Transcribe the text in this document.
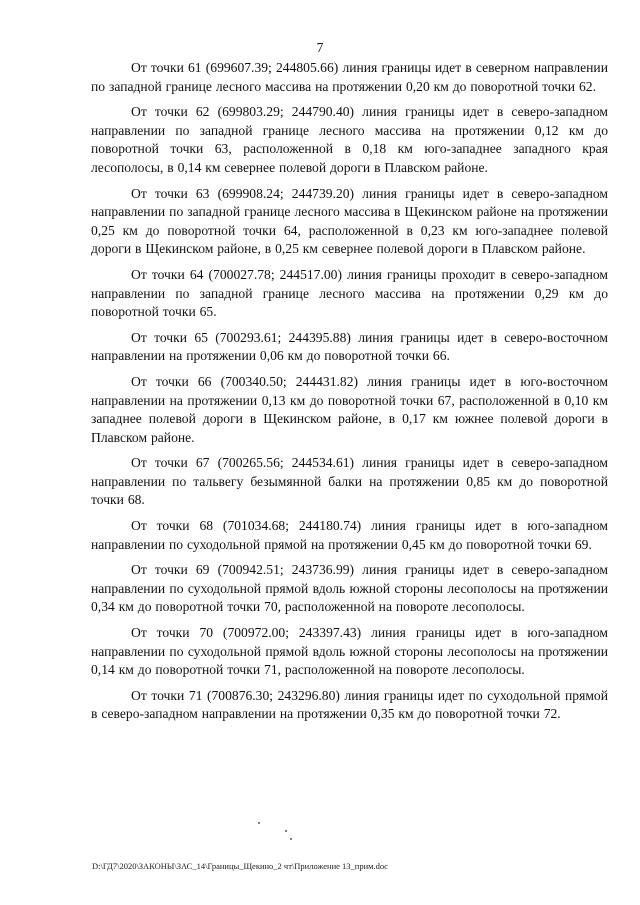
7

От точки 61 (699607.39; 244805.66) линия границы идет в северном направлении по западной границе лесного массива на протяжении 0,20 км до поворотной точки 62.

От точки 62 (699803.29; 244790.40) линия границы идет в северо-западном направлении по западной границе лесного массива на протяжении 0,12 км до поворотной точки 63, расположенной в 0,18 км юго-западнее западного края лесополосы, в 0,14 км севернее полевой дороги в Плавском районе.

От точки 63 (699908.24; 244739.20) линия границы идет в северо-западном направлении по западной границе лесного массива в Щекинском районе на протяжении 0,25 км до поворотной точки 64, расположенной в 0,23 км юго-западнее полевой дороги в Щекинском районе, в 0,25 км севернее полевой дороги в Плавском районе.

От точки 64 (700027.78; 244517.00) линия границы проходит в северо-западном направлении по западной границе лесного массива на протяжении 0,29 км до поворотной точки 65.

От точки 65 (700293.61; 244395.88) линия границы идет в северо-восточном направлении на протяжении 0,06 км до поворотной точки 66.

От точки 66 (700340.50; 244431.82) линия границы идет в юго-восточном направлении на протяжении 0,13 км до поворотной точки 67, расположенной в 0,10 км западнее полевой дороги в Щекинском районе, в 0,17 км южнее полевой дороги в Плавском районе.

От точки 67 (700265.56; 244534.61) линия границы идет в северо-западном направлении по тальвегу безымянной балки на протяжении 0,85 км до поворотной точки 68.

От точки 68 (701034.68; 244180.74) линия границы идет в юго-западном направлении по суходольной прямой на протяжении 0,45 км до поворотной точки 69.

От точки 69 (700942.51; 243736.99) линия границы идет в северо-западном направлении по суходольной прямой вдоль южной стороны лесополосы на протяжении 0,34 км до поворотной точки 70, расположенной на повороте лесополосы.

От точки 70 (700972.00; 243397.43) линия границы идет в юго-западном направлении по суходольной прямой вдоль южной стороны лесополосы на протяжении 0,14 км до поворотной точки 71, расположенной на повороте лесополосы.

От точки 71 (700876.30; 243296.80) линия границы идет по суходольной прямой в северо-западном направлении на протяжении 0,35 км до поворотной точки 72.

D:\ГД7\2020\ЗАКОНЫ\ЗАС_14\Границы_Щекино_2 чт\Приложение 13_прим.doc
